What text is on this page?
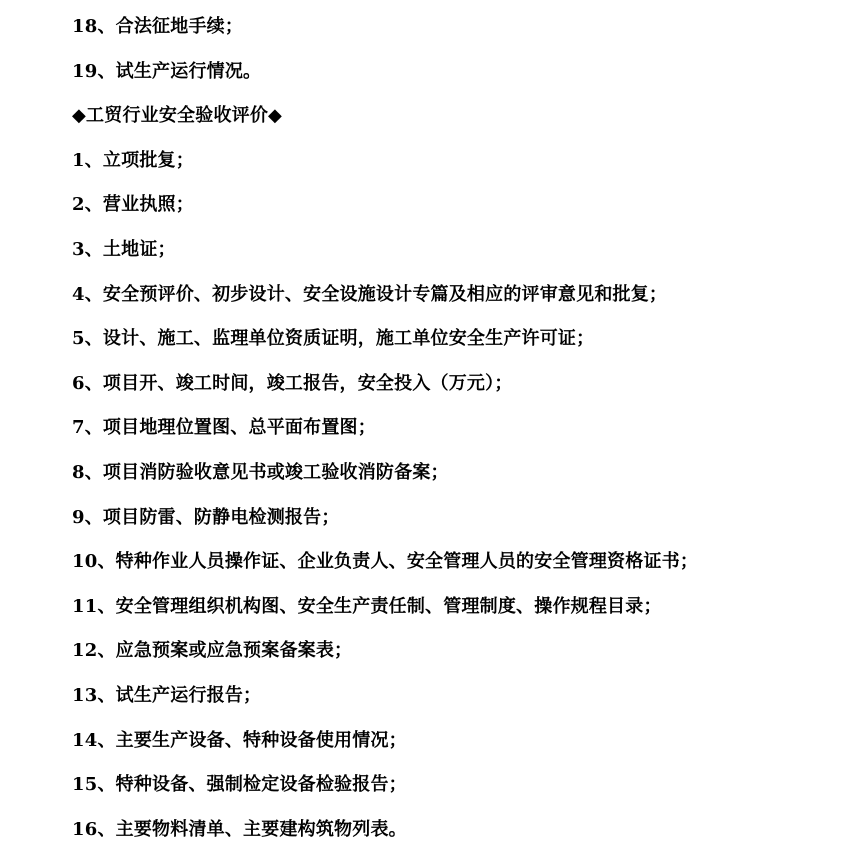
18、合法征地手续；

19、试生产运行情况。

◆工贸行业安全验收评价◆

1、立项批复；

2、营业执照；

3、土地证；

4、安全预评价、初步设计、安全设施设计专篇及相应的评审意见和批复；

5、设计、施工、监理单位资质证明，施工单位安全生产许可证；

6、项目开、竣工时间，竣工报告，安全投入（万元）；

7、项目地理位置图、总平面布置图；

8、项目消防验收意见书或竣工验收消防备案；

9、项目防雷、防静电检测报告；

10、特种作业人员操作证、企业负责人、安全管理人员的安全管理资格证书；

11、安全管理组织机构图、安全生产责任制、管理制度、操作规程目录；

12、应急预案或应急预案备案表；

13、试生产运行报告；

14、主要生产设备、特种设备使用情况；

15、特种设备、强制检定设备检验报告；

16、主要物料清单、主要建构筑物列表。
